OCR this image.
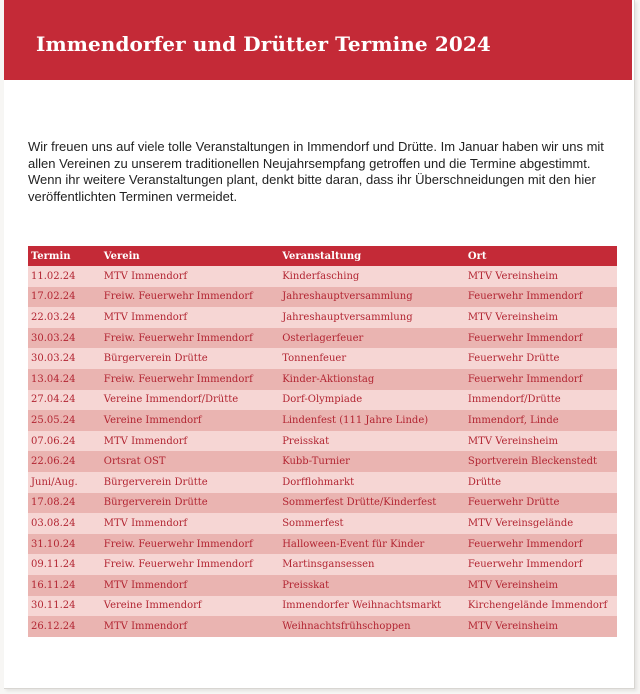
Immendorfer und Drütter Termine 2024

Wir freuen uns auf viele tolle Veranstaltungen in Immendorf und Drütte. Im Januar haben wir uns mit allen Vereinen zu unserem traditionellen Neujahrsempfang getroffen und die Termine abgestimmt. Wenn ihr weitere Veranstaltungen plant, denkt bitte daran, dass ihr Überschneidungen mit den hier veröffentlichten Terminen vermeidet.

Termin	Verein	Veranstaltung	Ort
11.02.24	MTV Immendorf	Kinderfasching	MTV Vereinsheim
17.02.24	Freiw. Feuerwehr Immendorf	Jahreshauptversammlung	Feuerwehr Immendorf
22.03.24	MTV Immendorf	Jahreshauptversammlung	MTV Vereinsheim
30.03.24	Freiw. Feuerwehr Immendorf	Osterlagerfeuer	Feuerwehr Immendorf
30.03.24	Bürgerverein Drütte	Tonnenfeuer	Feuerwehr Drütte
13.04.24	Freiw. Feuerwehr Immendorf	Kinder-Aktionstag	Feuerwehr Immendorf
27.04.24	Vereine Immendorf/Drütte	Dorf-Olympiade	Immendorf/Drütte
25.05.24	Vereine Immendorf	Lindenfest (111 Jahre Linde)	Immendorf, Linde
07.06.24	MTV Immendorf	Preisskat	MTV Vereinsheim
22.06.24	Ortsrat OST	Kubb-Turnier	Sportverein Bleckenstedt
Juni/Aug.	Bürgerverein Drütte	Dorfflohmarkt	Drütte
17.08.24	Bürgerverein Drütte	Sommerfest Drütte/Kinderfest	Feuerwehr Drütte
03.08.24	MTV Immendorf	Sommerfest	MTV Vereinsgelände
31.10.24	Freiw. Feuerwehr Immendorf	Halloween-Event für Kinder	Feuerwehr Immendorf
09.11.24	Freiw. Feuerwehr Immendorf	Martinsgansessen	Feuerwehr Immendorf
16.11.24	MTV Immendorf	Preisskat	MTV Vereinsheim
30.11.24	Vereine Immendorf	Immendorfer Weihnachtsmarkt	Kirchengelände Immendorf
26.12.24	MTV Immendorf	Weihnachtsfrühschoppen	MTV Vereinsheim
